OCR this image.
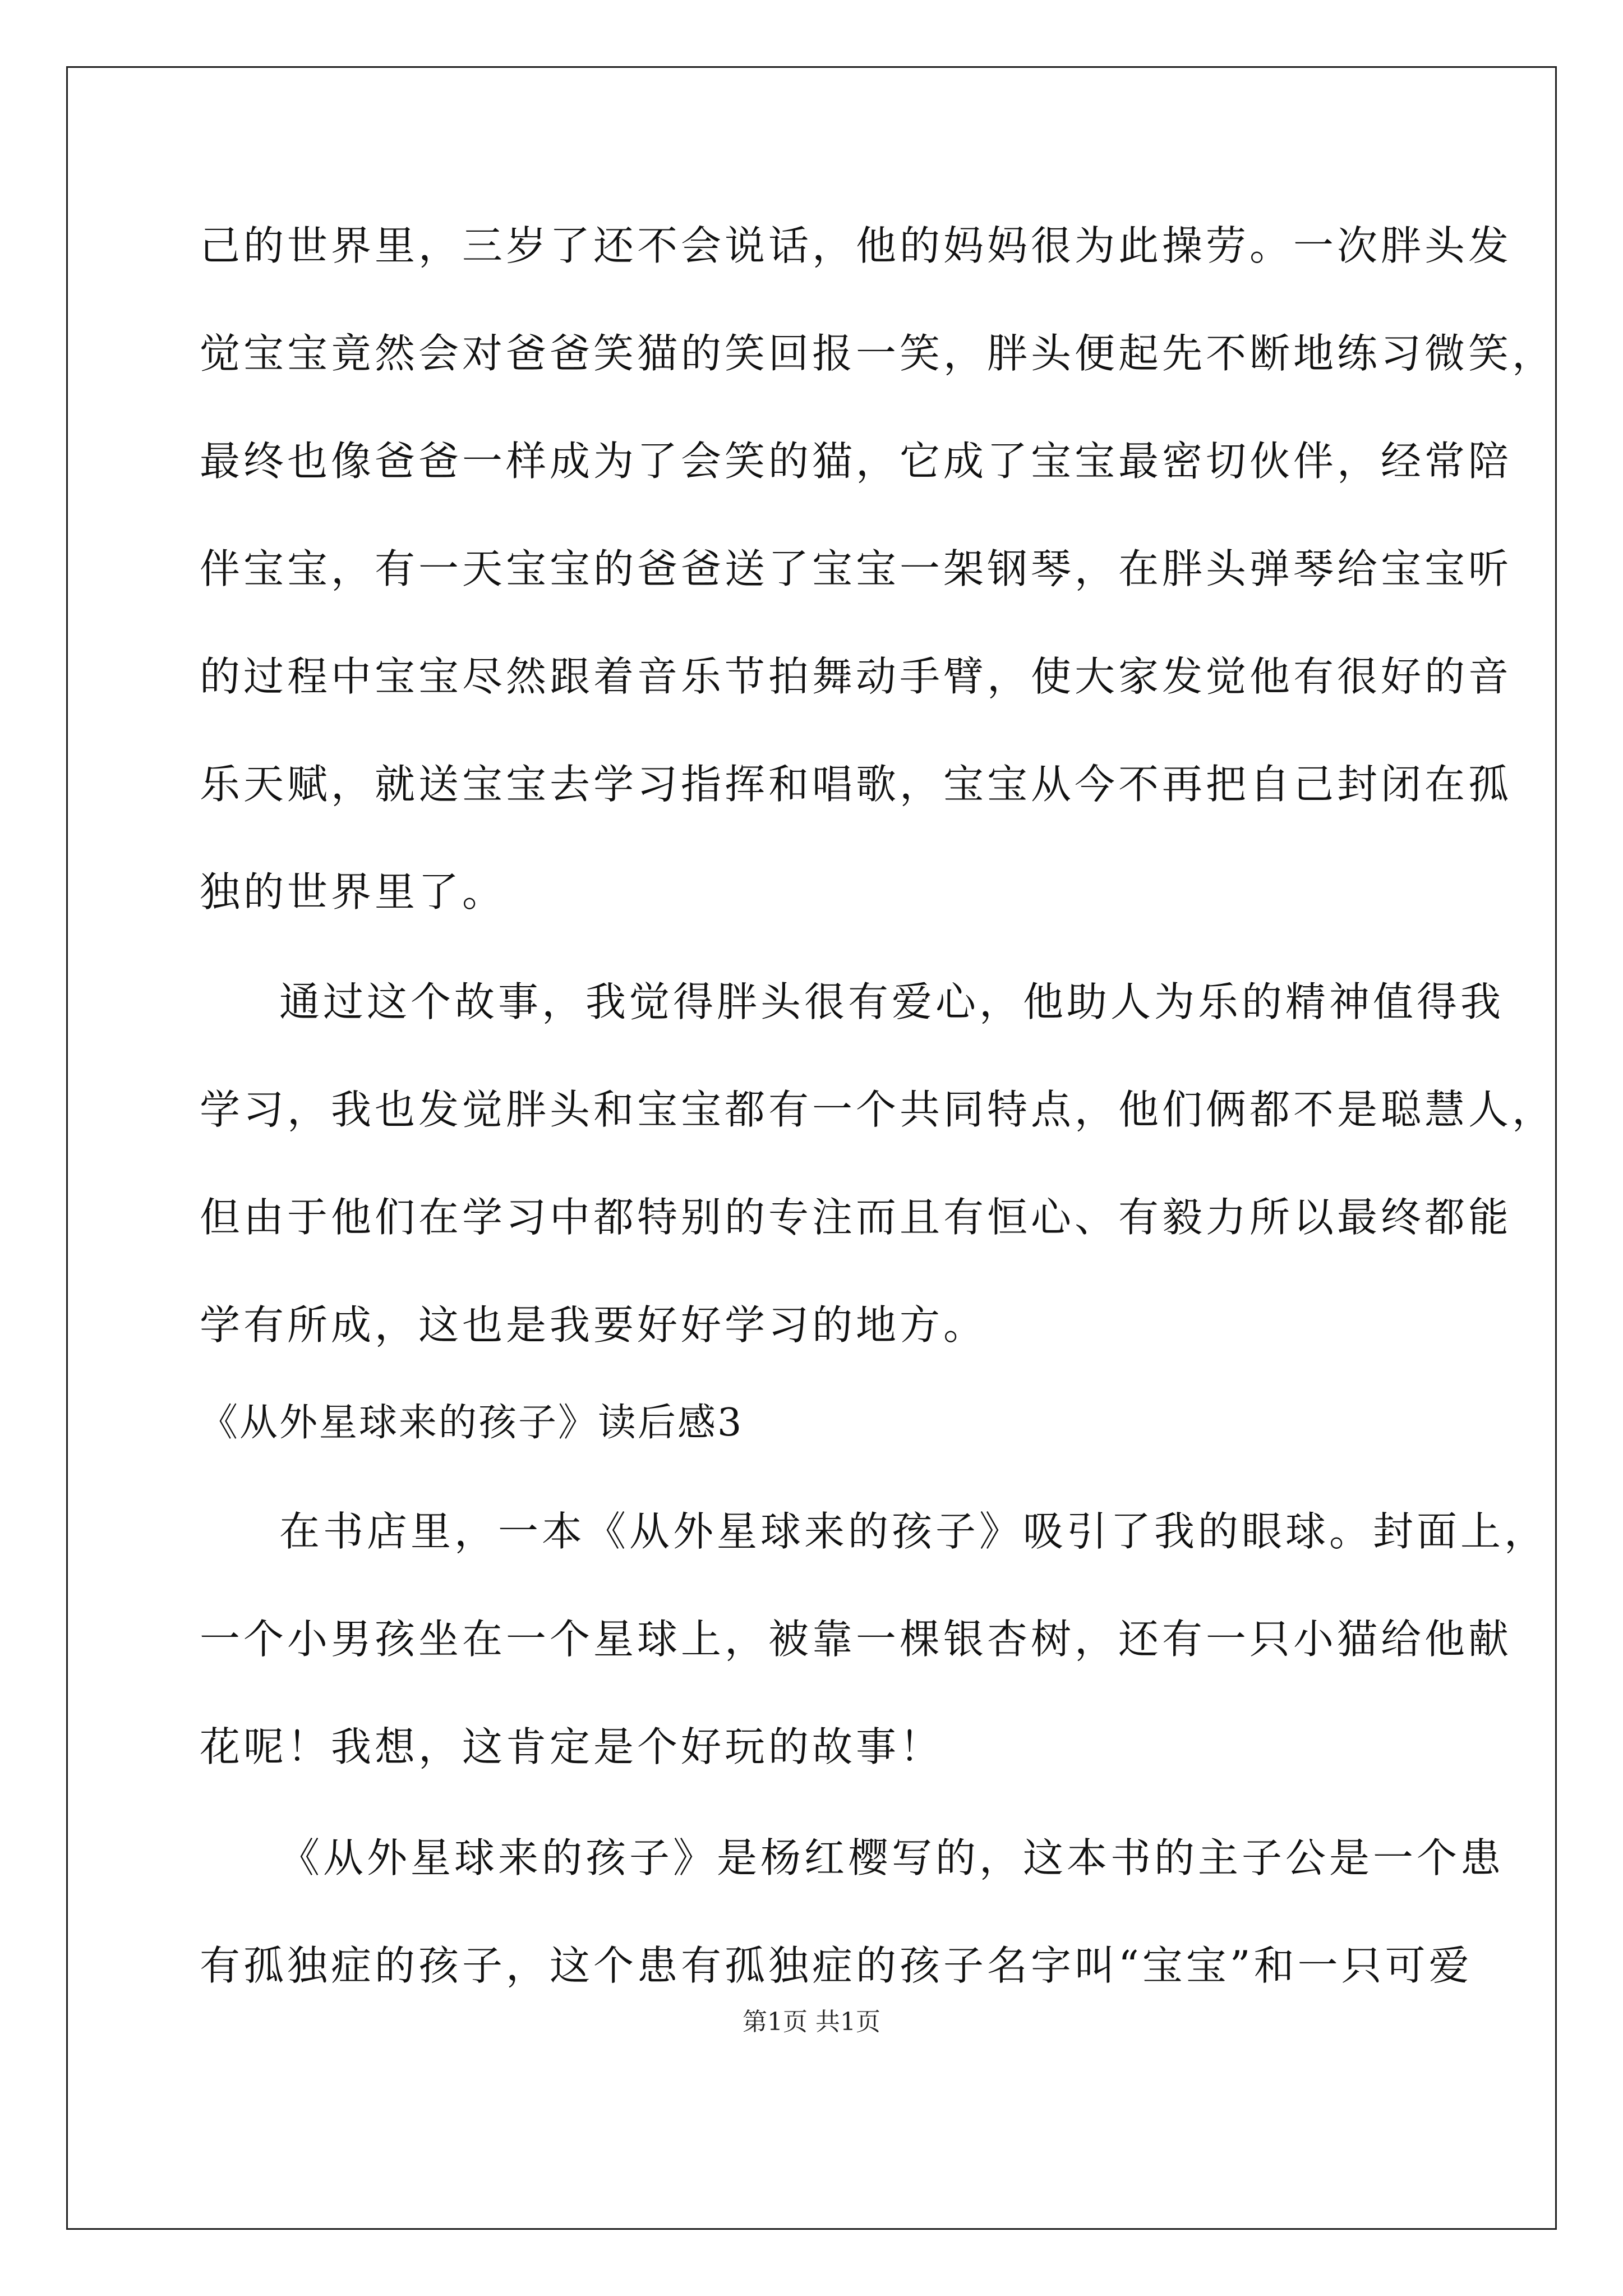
己的世界里，三岁了还不会说话，他的妈妈很为此操劳。一次胖头发
觉宝宝竟然会对爸爸笑猫的笑回报一笑，胖头便起先不断地练习微笑，
最终也像爸爸一样成为了会笑的猫，它成了宝宝最密切伙伴，经常陪
伴宝宝，有一天宝宝的爸爸送了宝宝一架钢琴，在胖头弹琴给宝宝听
的过程中宝宝尽然跟着音乐节拍舞动手臂，使大家发觉他有很好的音
乐天赋，就送宝宝去学习指挥和唱歌，宝宝从今不再把自己封闭在孤
独的世界里了。
通过这个故事，我觉得胖头很有爱心，他助人为乐的精神值得我
学习，我也发觉胖头和宝宝都有一个共同特点，他们俩都不是聪慧人，
但由于他们在学习中都特别的专注而且有恒心、有毅力所以最终都能
学有所成，这也是我要好好学习的地方。
《从外星球来的孩子》读后感3
在书店里，一本《从外星球来的孩子》吸引了我的眼球。封面上，
一个小男孩坐在一个星球上，被靠一棵银杏树，还有一只小猫给他献
花呢！我想，这肯定是个好玩的故事！
《从外星球来的孩子》是杨红樱写的，这本书的主子公是一个患
有孤独症的孩子，这个患有孤独症的孩子名字叫“宝宝”和一只可爱
第1页 共1页
